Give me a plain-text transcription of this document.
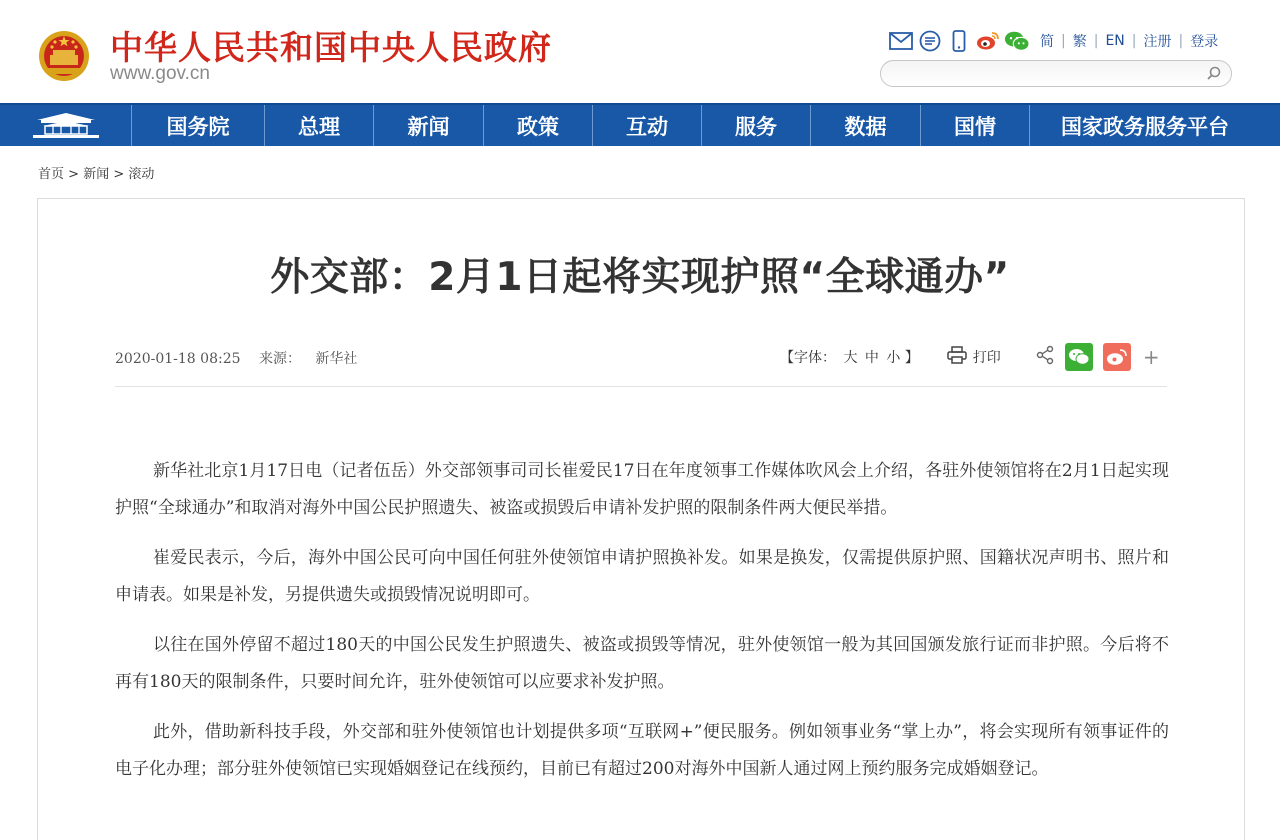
中华人民共和国中央人民政府
www.gov.cn
简 | 繁 | EN | 注册 | 登录
国务院	总理	新闻	政策	互动	服务	数据	国情	国家政务服务平台
首页 > 新闻 > 滚动
外交部：2月1日起将实现护照“全球通办”
2020-01-18 08:25 来源： 新华社	【字体： 大 中 小 】	打印	+

新华社北京1月17日电（记者伍岳）外交部领事司司长崔爱民17日在年度领事工作媒体吹风会上介绍，各驻外使领馆将在2月1日起实现护照“全球通办”和取消对海外中国公民护照遗失、被盗或损毁后申请补发护照的限制条件两大便民举措。

崔爱民表示，今后，海外中国公民可向中国任何驻外使领馆申请护照换补发。如果是换发，仅需提供原护照、国籍状况声明书、照片和申请表。如果是补发，另提供遗失或损毁情况说明即可。

以往在国外停留不超过180天的中国公民发生护照遗失、被盗或损毁等情况，驻外使领馆一般为其回国颁发旅行证而非护照。今后将不再有180天的限制条件，只要时间允许，驻外使领馆可以应要求补发护照。

此外，借助新科技手段，外交部和驻外使领馆也计划提供多项“互联网+”便民服务。例如领事业务“掌上办”，将会实现所有领事证件的电子化办理；部分驻外使领馆已实现婚姻登记在线预约，目前已有超过200对海外中国新人通过网上预约服务完成婚姻登记。
